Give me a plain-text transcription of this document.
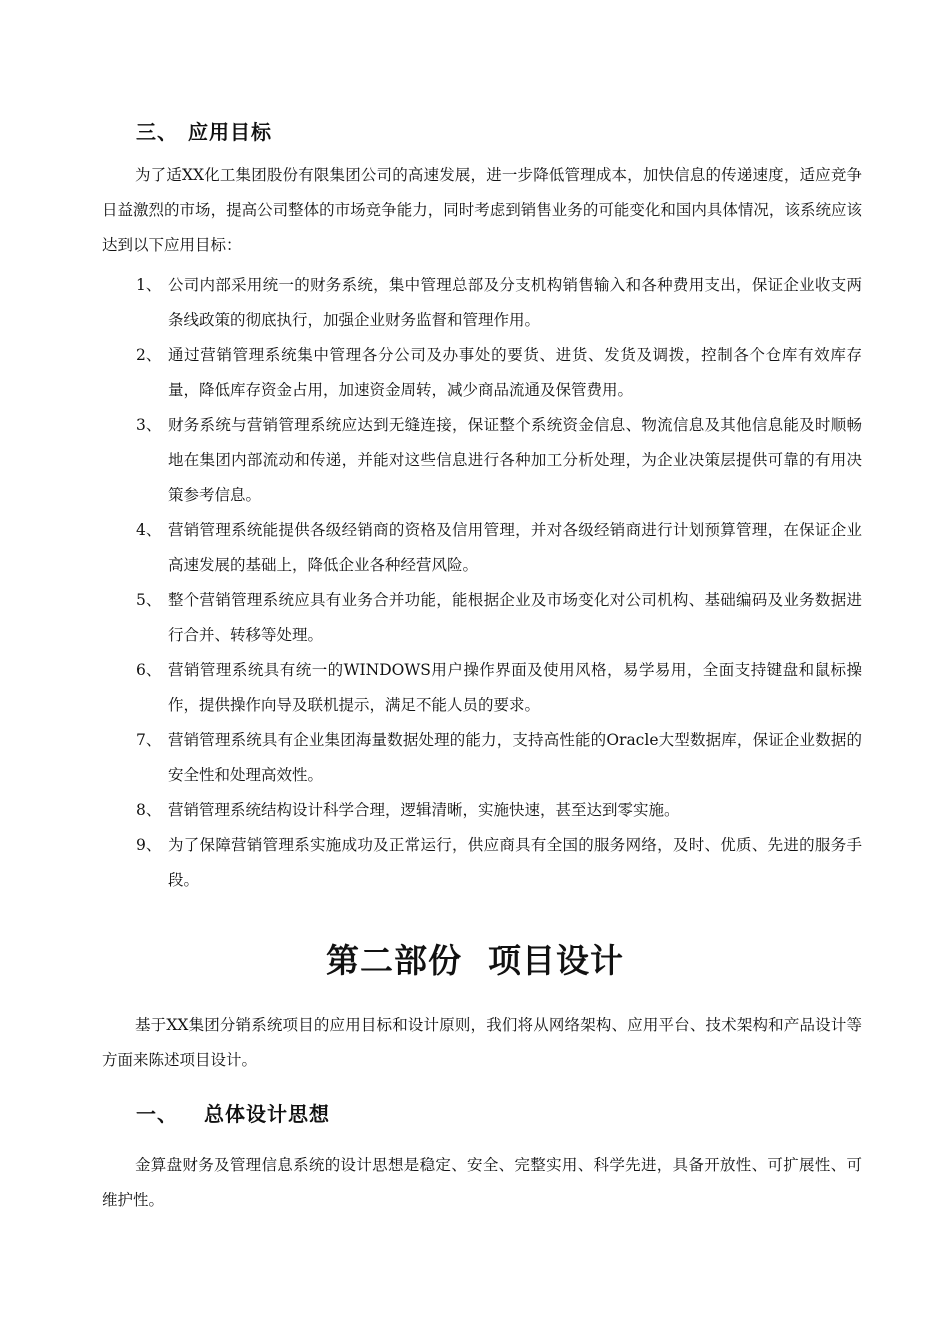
三、 应用目标

为了适XX化工集团股份有限集团公司的高速发展，进一步降低管理成本，加快信息的传递速度，适应竞争日益激烈的市场，提高公司整体的市场竞争能力，同时考虑到销售业务的可能变化和国内具体情况，该系统应该达到以下应用目标：

1、 公司内部采用统一的财务系统，集中管理总部及分支机构销售输入和各种费用支出，保证企业收支两条线政策的彻底执行，加强企业财务监督和管理作用。
2、 通过营销管理系统集中管理各分公司及办事处的要货、进货、发货及调拨，控制各个仓库有效库存量，降低库存资金占用，加速资金周转，减少商品流通及保管费用。
3、 财务系统与营销管理系统应达到无缝连接，保证整个系统资金信息、物流信息及其他信息能及时顺畅地在集团内部流动和传递，并能对这些信息进行各种加工分析处理，为企业决策层提供可靠的有用决策参考信息。
4、 营销管理系统能提供各级经销商的资格及信用管理，并对各级经销商进行计划预算管理，在保证企业高速发展的基础上，降低企业各种经营风险。
5、 整个营销管理系统应具有业务合并功能，能根据企业及市场变化对公司机构、基础编码及业务数据进行合并、转移等处理。
6、 营销管理系统具有统一的WINDOWS用户操作界面及使用风格，易学易用，全面支持键盘和鼠标操作，提供操作向导及联机提示，满足不能人员的要求。
7、 营销管理系统具有企业集团海量数据处理的能力，支持高性能的Oracle大型数据库，保证企业数据的安全性和处理高效性。
8、 营销管理系统结构设计科学合理，逻辑清晰，实施快速，甚至达到零实施。
9、 为了保障营销管理系实施成功及正常运行，供应商具有全国的服务网络，及时、优质、先进的服务手段。
第二部份 项目设计

基于XX集团分销系统项目的应用目标和设计原则，我们将从网络架构、应用平台、技术架构和产品设计等方面来陈述项目设计。

一、 总体设计思想

金算盘财务及管理信息系统的设计思想是稳定、安全、完整实用、科学先进，具备开放性、可扩展性、可维护性。
